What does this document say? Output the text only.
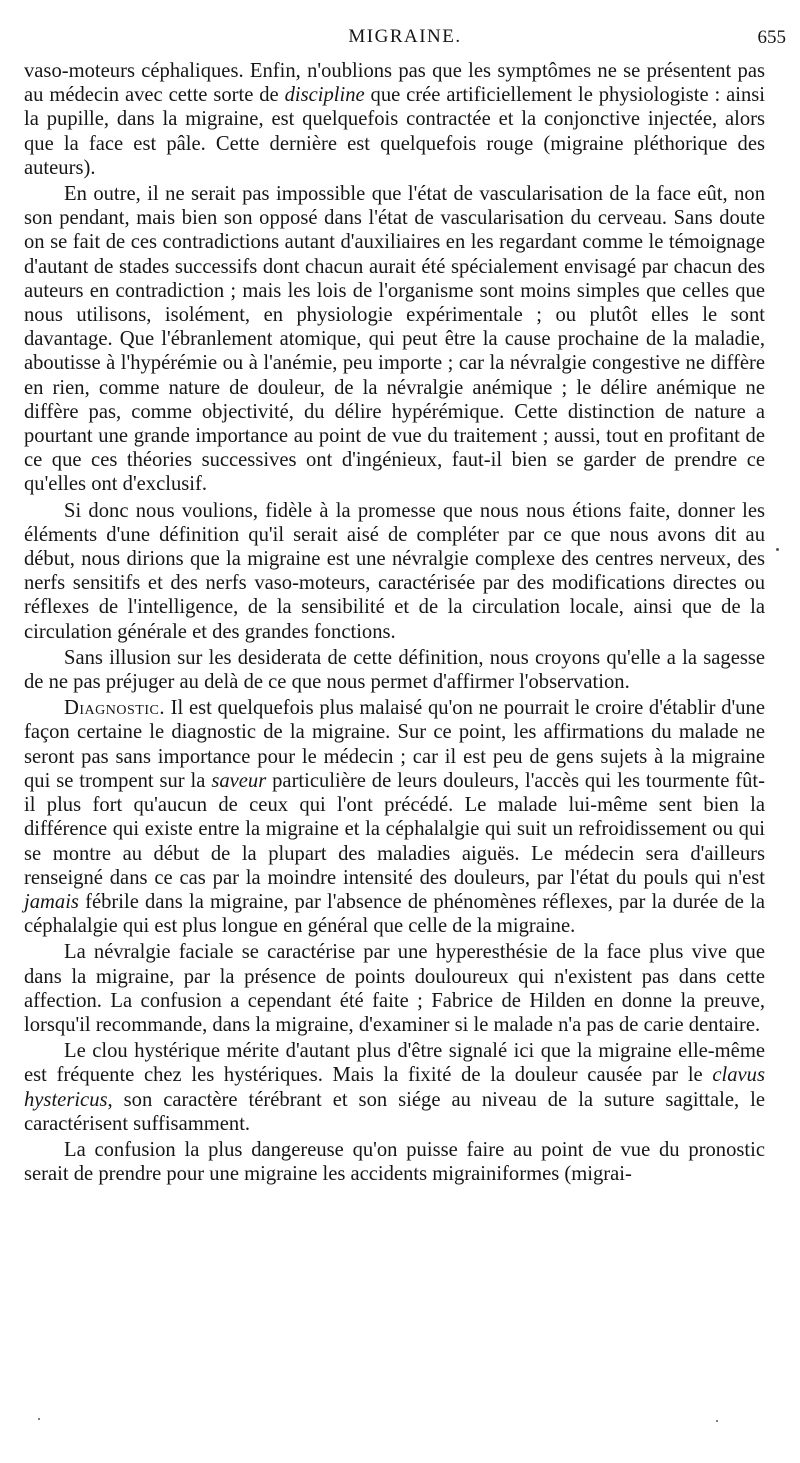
MIGRAINE.	655

vaso-moteurs céphaliques. Enfin, n'oublions pas que les symptômes ne se présentent pas au médecin avec cette sorte de discipline que crée artificiellement le physiologiste : ainsi la pupille, dans la migraine, est quelquefois contractée et la conjonctive injectée, alors que la face est pâle. Cette dernière est quelquefois rouge (migraine pléthorique des auteurs).

En outre, il ne serait pas impossible que l'état de vascularisation de la face eût, non son pendant, mais bien son opposé dans l'état de vascularisation du cerveau. Sans doute on se fait de ces contradictions autant d'auxiliaires en les regardant comme le témoignage d'autant de stades successifs dont chacun aurait été spécialement envisagé par chacun des auteurs en contradiction ; mais les lois de l'organisme sont moins simples que celles que nous utilisons, isolément, en physiologie expérimentale ; ou plutôt elles le sont davantage. Que l'ébranlement atomique, qui peut être la cause prochaine de la maladie, aboutisse à l'hypérémie ou à l'anémie, peu importe ; car la névralgie congestive ne diffère en rien, comme nature de douleur, de la névralgie anémique ; le délire anémique ne diffère pas, comme objectivité, du délire hypérémique. Cette distinction de nature a pourtant une grande importance au point de vue du traitement ; aussi, tout en profitant de ce que ces théories successives ont d'ingénieux, faut-il bien se garder de prendre ce qu'elles ont d'exclusif.

Si donc nous voulions, fidèle à la promesse que nous nous étions faite, donner les éléments d'une définition qu'il serait aisé de compléter par ce que nous avons dit au début, nous dirions que la migraine est une névralgie complexe des centres nerveux, des nerfs sensitifs et des nerfs vaso-moteurs, caractérisée par des modifications directes ou réflexes de l'intelligence, de la sensibilité et de la circulation locale, ainsi que de la circulation générale et des grandes fonctions.

Sans illusion sur les desiderata de cette définition, nous croyons qu'elle a la sagesse de ne pas préjuger au delà de ce que nous permet d'affirmer l'observation.

Diagnostic. Il est quelquefois plus malaisé qu'on ne pourrait le croire d'établir d'une façon certaine le diagnostic de la migraine. Sur ce point, les affirmations du malade ne seront pas sans importance pour le médecin ; car il est peu de gens sujets à la migraine qui se trompent sur la saveur particulière de leurs douleurs, l'accès qui les tourmente fût-il plus fort qu'aucun de ceux qui l'ont précédé. Le malade lui-même sent bien la différence qui existe entre la migraine et la céphalalgie qui suit un refroidissement ou qui se montre au début de la plupart des maladies aiguës. Le médecin sera d'ailleurs renseigné dans ce cas par la moindre intensité des douleurs, par l'état du pouls qui n'est jamais fébrile dans la migraine, par l'absence de phénomènes réflexes, par la durée de la céphalalgie qui est plus longue en général que celle de la migraine.

La névralgie faciale se caractérise par une hyperesthésie de la face plus vive que dans la migraine, par la présence de points douloureux qui n'existent pas dans cette affection. La confusion a cependant été faite ; Fabrice de Hilden en donne la preuve, lorsqu'il recommande, dans la migraine, d'examiner si le malade n'a pas de carie dentaire.

Le clou hystérique mérite d'autant plus d'être signalé ici que la migraine elle-même est fréquente chez les hystériques. Mais la fixité de la douleur causée par le clavus hystericus, son caractère térébrant et son siége au niveau de la suture sagittale, le caractérisent suffisamment.

La confusion la plus dangereuse qu'on puisse faire au point de vue du pronostic serait de prendre pour une migraine les accidents migrainiformes (migrai-
